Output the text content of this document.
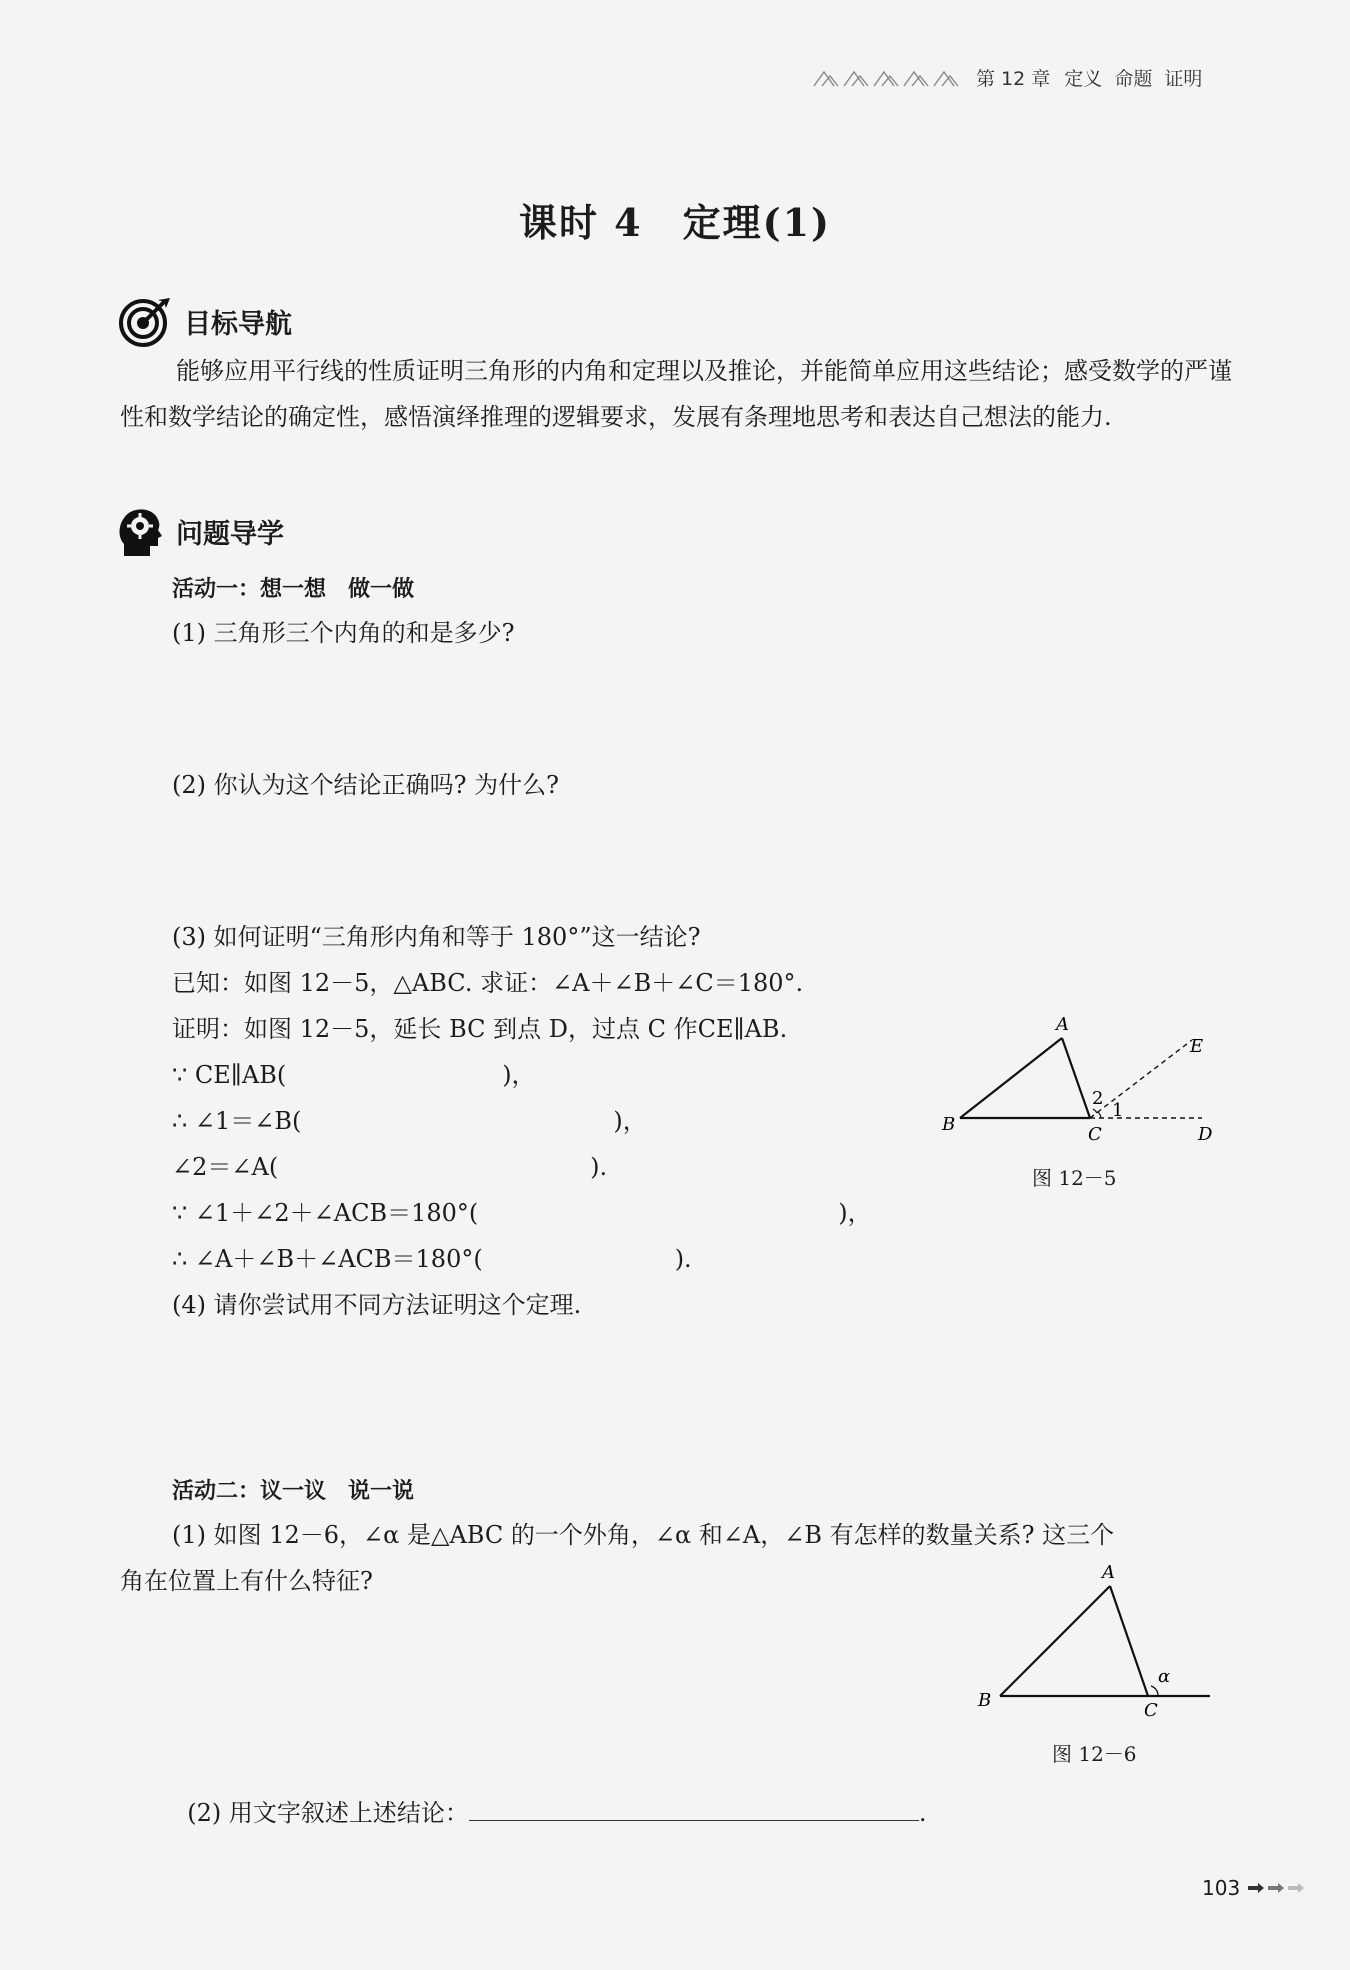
第 12 章 定义  命题  证明
课时 4　定理(1)
目标导航
能够应用平行线的性质证明三角形的内角和定理以及推论，并能简单应用这些结论；感受数学的严谨性和数学结论的确定性，感悟演绎推理的逻辑要求，发展有条理地思考和表达自己想法的能力.
问题导学
活动一：想一想　做一做
(1) 三角形三个内角的和是多少?
(2) 你认为这个结论正确吗? 为什么?
(3) 如何证明“三角形内角和等于 180°”这一结论?
已知：如图 12－5，△ABC. 求证：∠A＋∠B＋∠C＝180°.
证明：如图 12－5，延长 BC 到点 D，过点 C 作CE∥AB.
∵ CE∥AB(　　　　　　　　　)，
∴ ∠1＝∠B(　　　　　　　　　　　　　)，
∠2＝∠A(　　　　　　　　　　　　　).
∵ ∠1＋∠2＋∠ACB＝180°(　　　　　　　　　　　　　　　)，
∴ ∠A＋∠B＋∠ACB＝180°(　　　　　　　　).
(4) 请你尝试用不同方法证明这个定理.
A
B	C	D
E
1
2
图 12－5
活动二：议一议　说一说
(1) 如图 12－6，∠α 是△ABC 的一个外角，∠α 和∠A，∠B 有怎样的数量关系? 这三个
角在位置上有什么特征?	A
B	C
α
图 12－6

(2) 用文字叙述上述结论：	.

103
